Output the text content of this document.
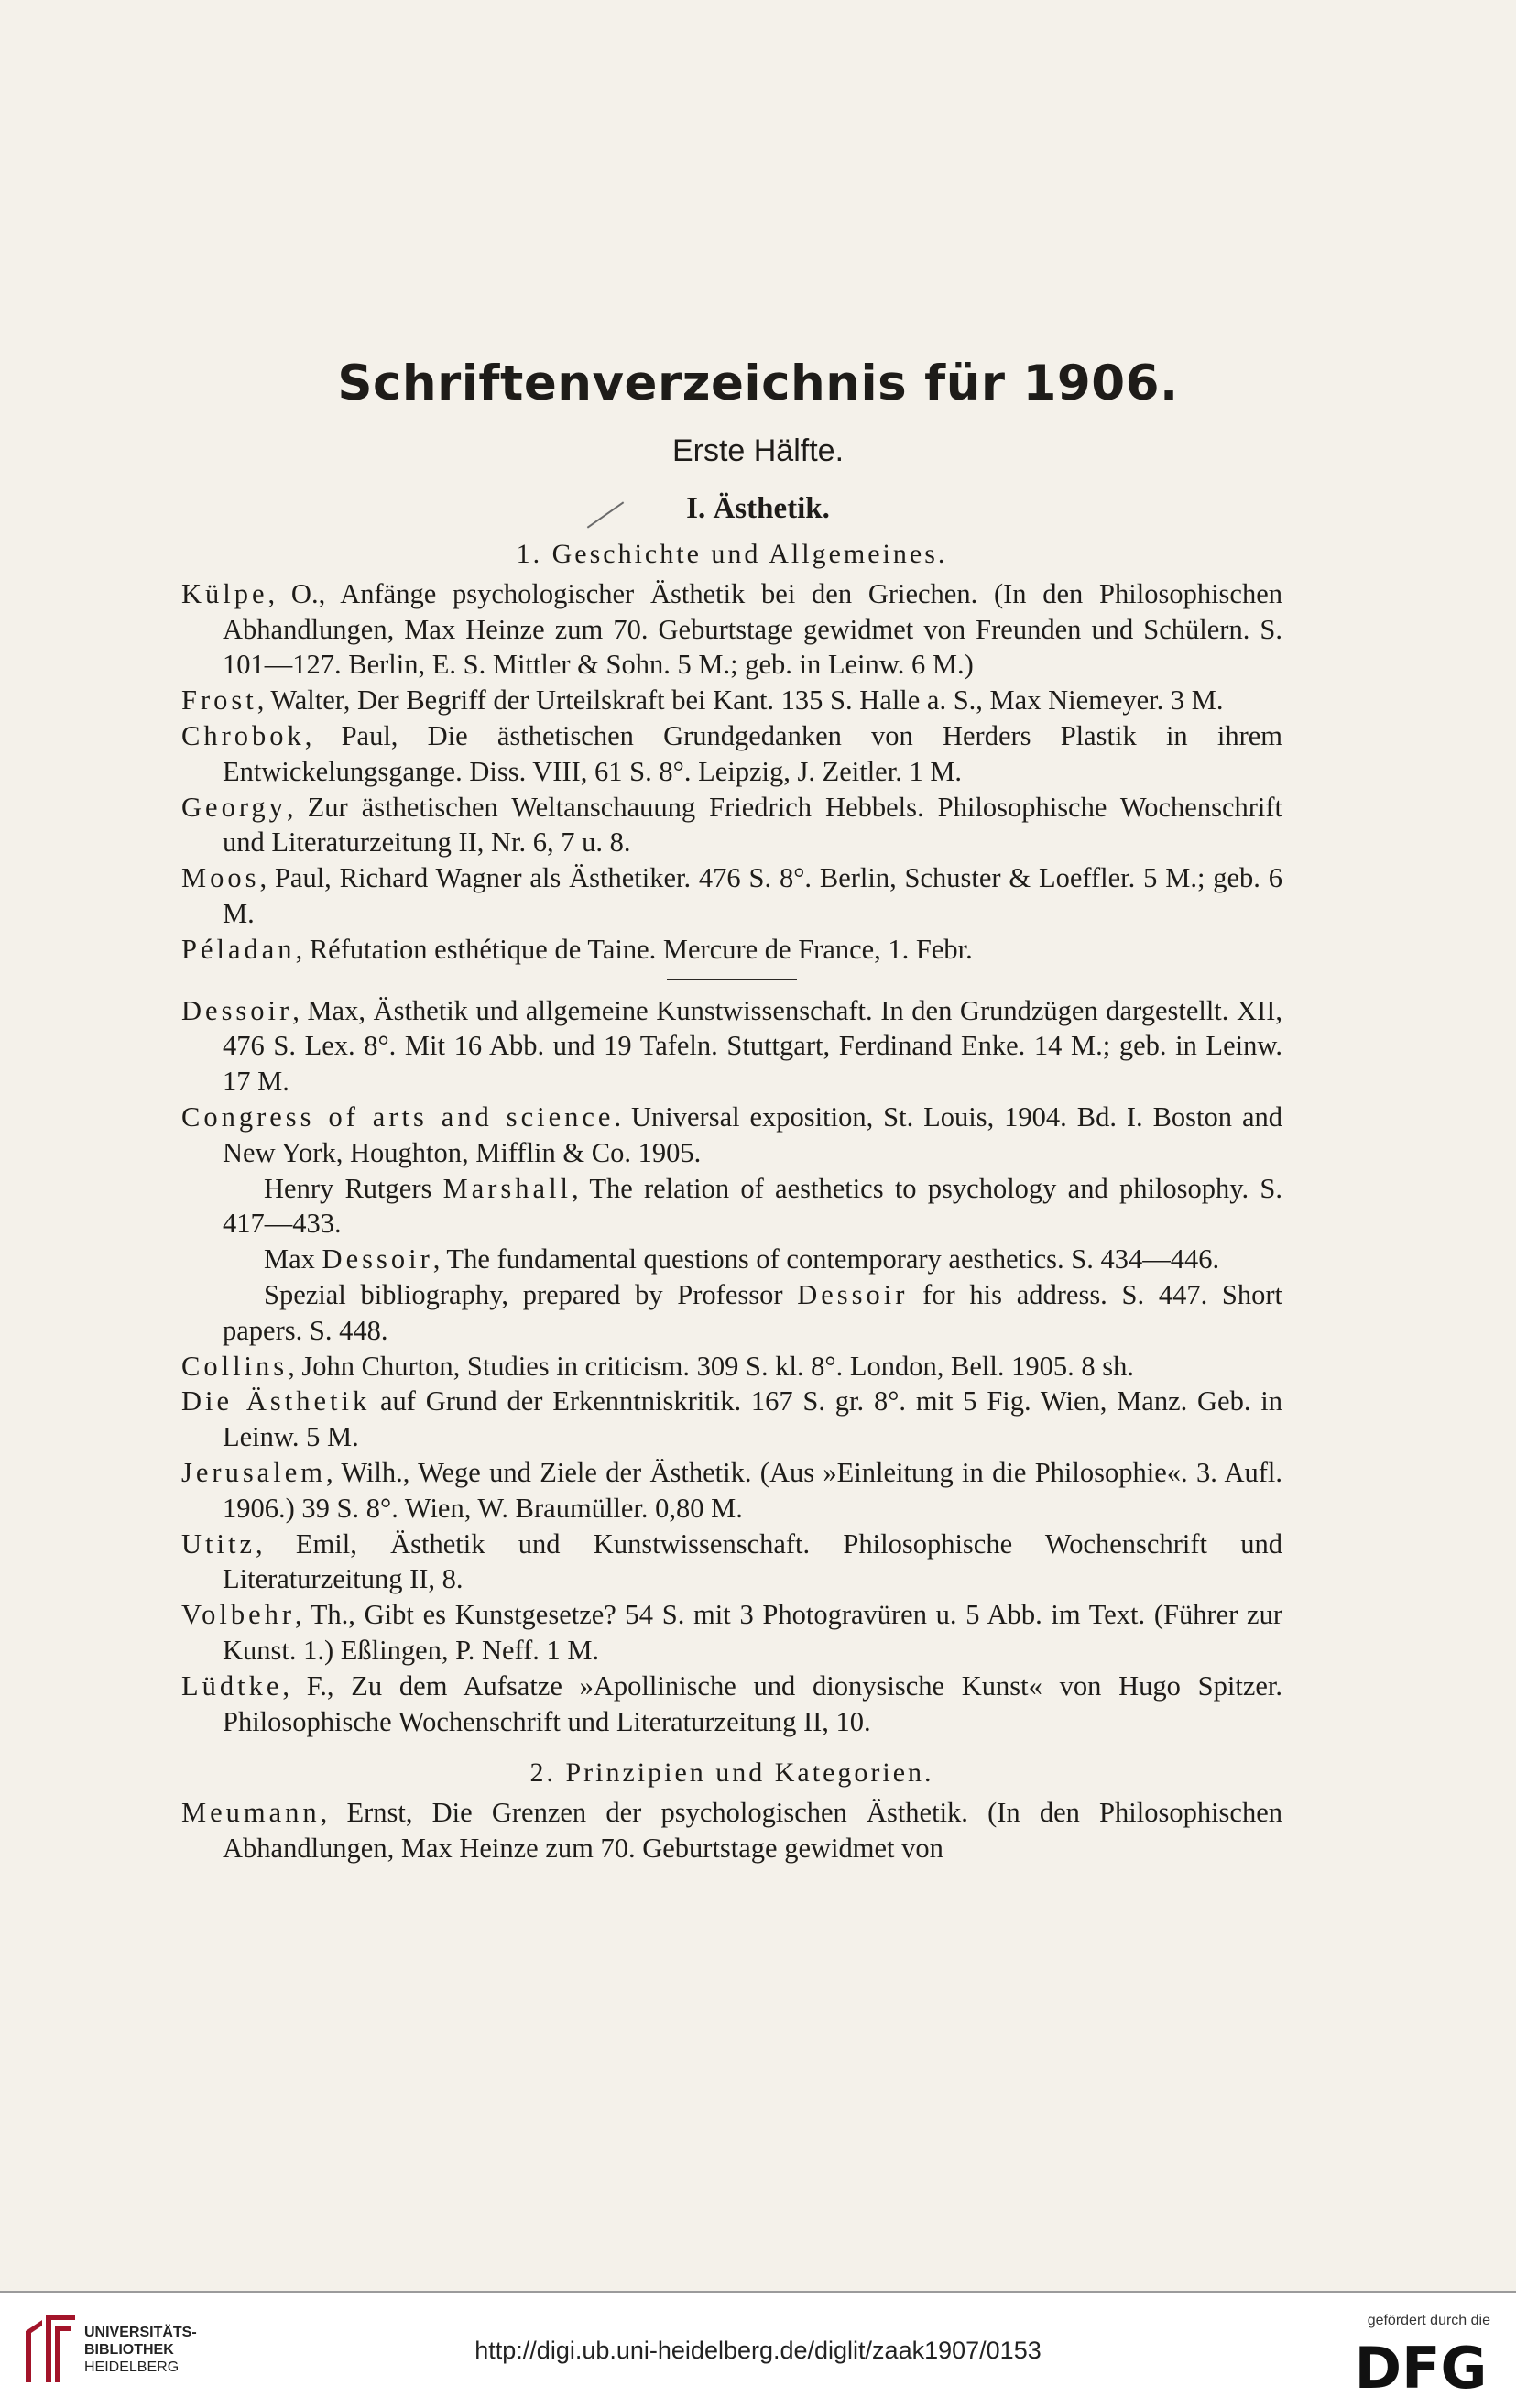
Schriftenverzeichnis für 1906.
Erste Hälfte.
I. Ästhetik.

1. Geschichte und Allgemeines.

Külpe, O., Anfänge psychologischer Ästhetik bei den Griechen. (In den Philosophischen Abhandlungen, Max Heinze zum 70. Geburtstage gewidmet von Freunden und Schülern. S. 101—127. Berlin, E. S. Mittler & Sohn. 5 M.; geb. in Leinw. 6 M.)

Frost, Walter, Der Begriff der Urteilskraft bei Kant. 135 S. Halle a. S., Max Niemeyer. 3 M.

Chrobok, Paul, Die ästhetischen Grundgedanken von Herders Plastik in ihrem Entwickelungsgange. Diss. VIII, 61 S. 8°. Leipzig, J. Zeitler. 1 M.

Georgy, Zur ästhetischen Weltanschauung Friedrich Hebbels. Philosophische Wochenschrift und Literaturzeitung II, Nr. 6, 7 u. 8.

Moos, Paul, Richard Wagner als Ästhetiker. 476 S. 8°. Berlin, Schuster & Loeffler. 5 M.; geb. 6 M.

Péladan, Réfutation esthétique de Taine. Mercure de France, 1. Febr.

Dessoir, Max, Ästhetik und allgemeine Kunstwissenschaft. In den Grundzügen dargestellt. XII, 476 S. Lex. 8°. Mit 16 Abb. und 19 Tafeln. Stuttgart, Ferdinand Enke. 14 M.; geb. in Leinw. 17 M.

Congress of arts and science. Universal exposition, St. Louis, 1904. Bd. I. Boston and New York, Houghton, Mifflin & Co. 1905.

Henry Rutgers Marshall, The relation of aesthetics to psychology and philosophy. S. 417—433.

Max Dessoir, The fundamental questions of contemporary aesthetics. S. 434—446.

Spezial bibliography, prepared by Professor Dessoir for his address. S. 447. Short papers. S. 448.

Collins, John Churton, Studies in criticism. 309 S. kl. 8°. London, Bell. 1905. 8 sh.

Die Ästhetik auf Grund der Erkenntniskritik. 167 S. gr. 8°. mit 5 Fig. Wien, Manz. Geb. in Leinw. 5 M.

Jerusalem, Wilh., Wege und Ziele der Ästhetik. (Aus »Einleitung in die Philosophie«. 3. Aufl. 1906.) 39 S. 8°. Wien, W. Braumüller. 0,80 M.

Utitz, Emil, Ästhetik und Kunstwissenschaft. Philosophische Wochenschrift und Literaturzeitung II, 8.

Volbehr, Th., Gibt es Kunstgesetze? 54 S. mit 3 Photogravüren u. 5 Abb. im Text. (Führer zur Kunst. 1.) Eßlingen, P. Neff. 1 M.

Lüdtke, F., Zu dem Aufsatze »Apollinische und dionysische Kunst« von Hugo Spitzer. Philosophische Wochenschrift und Literaturzeitung II, 10.

2. Prinzipien und Kategorien.

Meumann, Ernst, Die Grenzen der psychologischen Ästhetik. (In den Philosophischen Abhandlungen, Max Heinze zum 70. Geburtstage gewidmet von

UNIVERSITÄTS-
BIBLIOTHEK
HEIDELBERG
http://digi.ub.uni-heidelberg.de/diglit/zaak1907/0153
gefördert durch die
DFG
